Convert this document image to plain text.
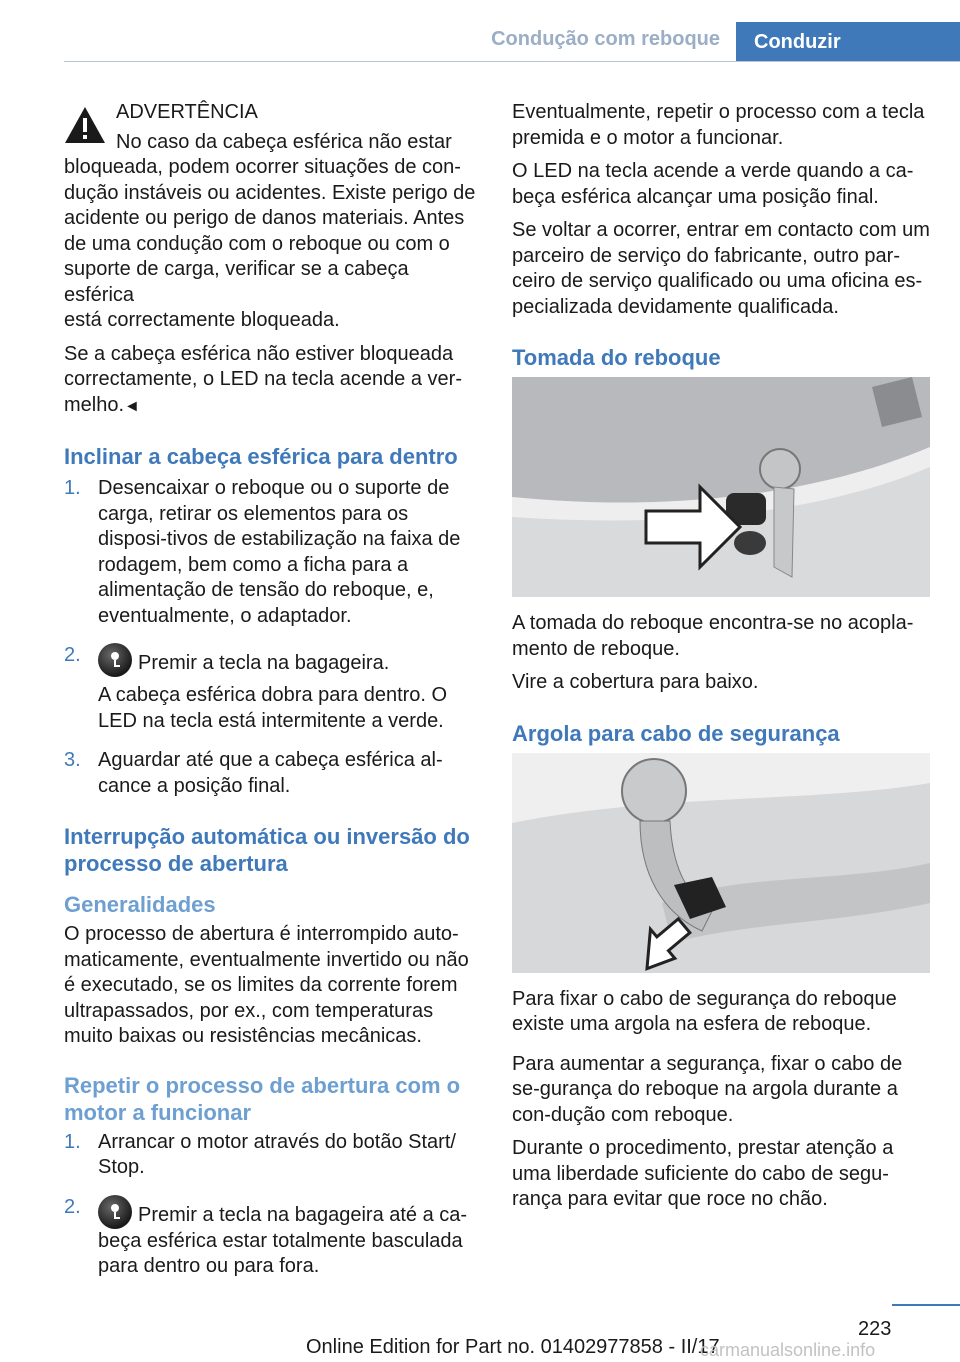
Condução com reboque	Conduzir

ADVERTÊNCIA

No caso da cabeça esférica não estar

bloqueada, podem ocorrer situações de con-

dução instáveis ou acidentes. Existe perigo de

acidente ou perigo de danos materiais. Antes

de uma condução com o reboque ou com o

suporte de carga, verificar se a cabeça esférica

está correctamente bloqueada.

Se a cabeça esférica não estiver bloqueada correctamente, o LED na tecla acende a ver-melho.◄

Inclinar a cabeça esférica para dentro
1. Desencaixar o reboque ou o suporte de carga, retirar os elementos para os disposi-tivos de estabilização na faixa de rodagem, bem como a ficha para a alimentação de tensão do reboque, e, eventualmente, o adaptador.

2.	Premir a tecla na bagageira.

A cabeça esférica dobra para dentro. O LED na tecla está intermitente a verde.

3. Aguardar até que a cabeça esférica al-cance a posição final.

Interrupção automática ou inversão do processo de abertura
Generalidades

O processo de abertura é interrompido auto-maticamente, eventualmente invertido ou não é executado, se os limites da corrente forem ultrapassados, por ex., com temperaturas muito baixas ou resistências mecânicas.

Repetir o processo de abertura com o motor a funcionar
1. Arrancar o motor através do botão Start/ Stop.

2.	Premir a tecla na bagageira até a ca-beça esférica estar totalmente basculada para dentro ou para fora.

Eventualmente, repetir o processo com a tecla premida e o motor a funcionar.

O LED na tecla acende a verde quando a ca-beça esférica alcançar uma posição final.

Se voltar a ocorrer, entrar em contacto com um parceiro de serviço do fabricante, outro par-ceiro de serviço qualificado ou uma oficina es-pecializada devidamente qualificada.

Tomada do reboque

A tomada do reboque encontra-se no acopla-mento de reboque.

Vire a cobertura para baixo.

Argola para cabo de segurança

Para fixar o cabo de segurança do reboque existe uma argola na esfera de reboque.

Para aumentar a segurança, fixar o cabo de se-gurança do reboque na argola durante a con-dução com reboque.

Durante o procedimento, prestar atenção a uma liberdade suficiente do cabo de segu-rança para evitar que roce no chão.

223
Online Edition for Part no. 01402977858 - II/17
carmanualsonline.info
